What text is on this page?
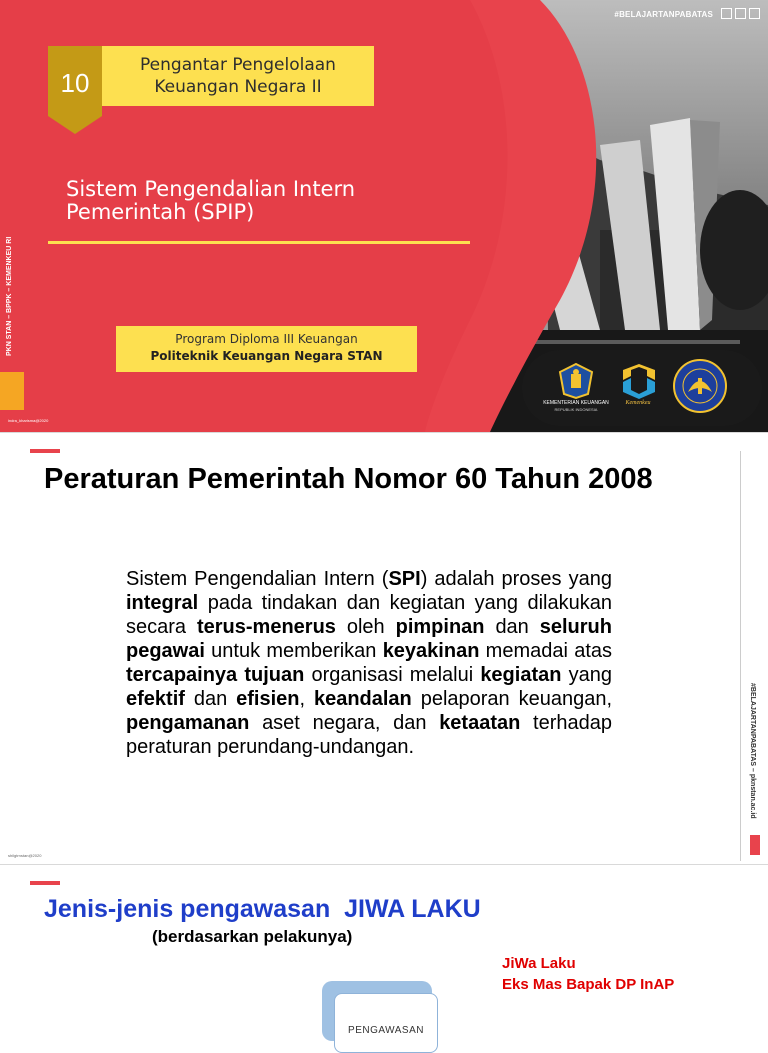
#BELAJARTANPABATAS
10
Pengantar Pengelolaan
Keuangan Negara II
Sistem Pengendalian Intern
Pemerintah (SPIP)
Program Diploma III Keuangan
Politeknik Keuangan Negara STAN
PKN STAN – BPPK – KEMENKEU RI
indra_kharisma@2020
KEMENTERIAN KEUANGAN
REPUBLIK INDONESIA
Kemenkeu
Peraturan Pemerintah Nomor 60 Tahun 2008

Sistem Pengendalian Intern (SPI) adalah proses yang integral pada tindakan dan kegiatan yang dilakukan secara terus-menerus oleh pimpinan dan seluruh pegawai untuk memberikan keyakinan memadai atas tercapainya tujuan organisasi melalui kegiatan yang efektif dan efisien, keandalan pelaporan keuangan, pengamanan aset negara, dan ketaatan terhadap peraturan perundang-undangan.	#BELAJARTANPABATAS – pknstan.ac.id
shilgtrnstan@2020
Jenis-jenis pengawasan  JIWA LAKU
(berdasarkan pelakunya)
JiWa Laku
Eks Mas Bapak DP InAP
PENGAWASAN
